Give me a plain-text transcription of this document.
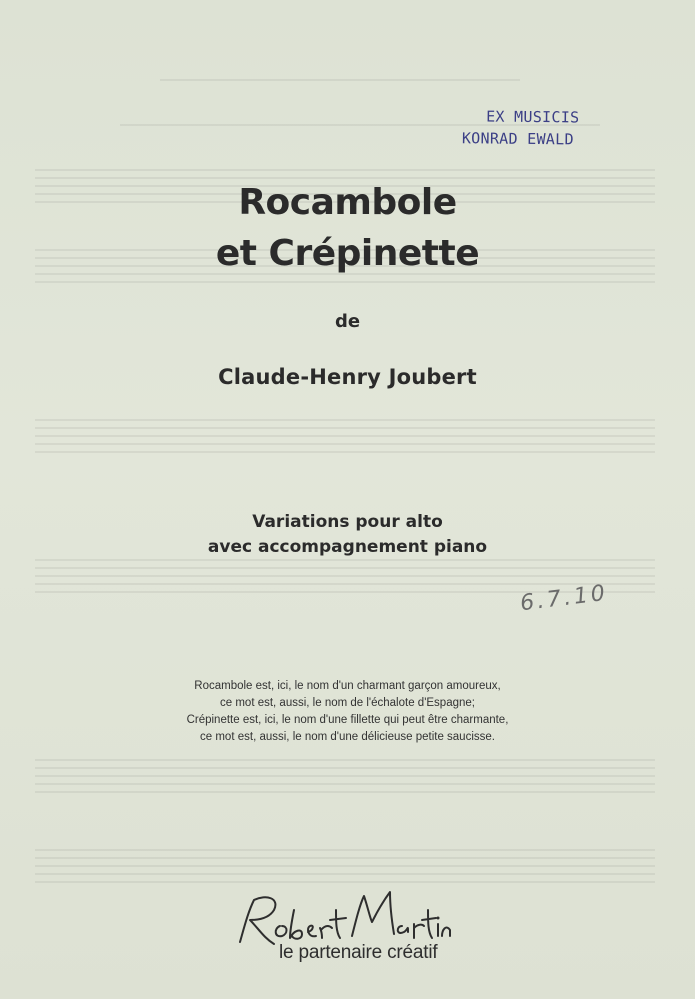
EX MUSICIS
KONRAD EWALD
Rocambole
et Crépinette
de
Claude-Henry Joubert
Variations pour alto
avec accompagnement piano
6.7.10
Rocambole est, ici, le nom d'un charmant garçon amoureux,
ce mot est, aussi, le nom de l'échalote d'Espagne;
Crépinette est, ici, le nom d'une fillette qui peut être charmante,
ce mot est, aussi, le nom d'une délicieuse petite saucisse.
le partenaire créatif
